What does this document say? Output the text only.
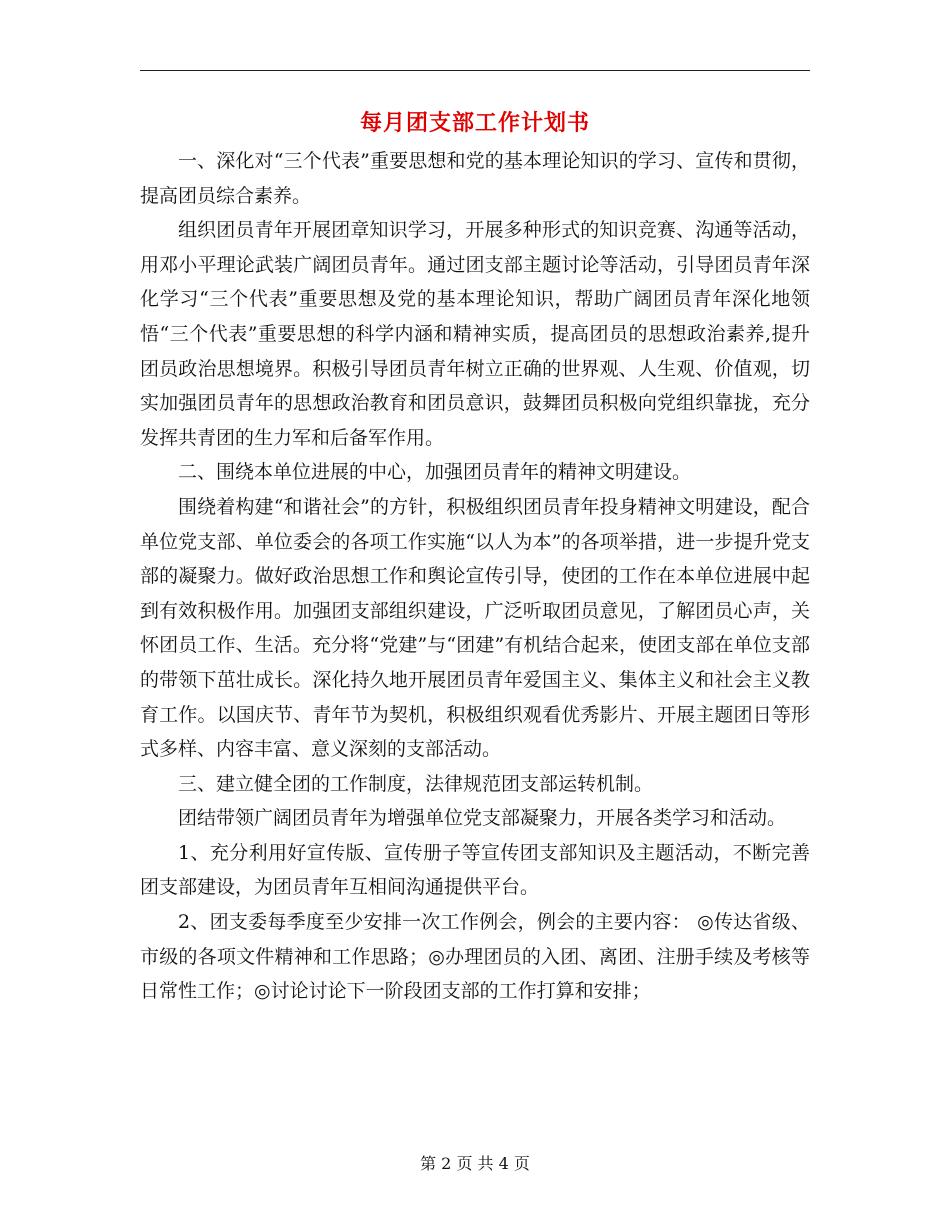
每月团支部工作计划书

一、深化对“三个代表”重要思想和党的基本理论知识的学习、宣传和贯彻，提高团员综合素养。

组织团员青年开展团章知识学习，开展多种形式的知识竞赛、沟通等活动，用邓小平理论武装广阔团员青年。通过团支部主题讨论等活动，引导团员青年深化学习“三个代表”重要思想及党的基本理论知识，帮助广阔团员青年深化地领悟“三个代表”重要思想的科学内涵和精神实质，提高团员的思想政治素养,提升团员政治思想境界。积极引导团员青年树立正确的世界观、人生观、价值观，切实加强团员青年的思想政治教育和团员意识，鼓舞团员积极向党组织靠拢，充分发挥共青团的生力军和后备军作用。

二、围绕本单位进展的中心，加强团员青年的精神文明建设。

围绕着构建“和谐社会”的方针，积极组织团员青年投身精神文明建设，配合单位党支部、单位委会的各项工作实施“以人为本”的各项举措，进一步提升党支部的凝聚力。做好政治思想工作和舆论宣传引导，使团的工作在本单位进展中起到有效积极作用。加强团支部组织建设，广泛听取团员意见，了解团员心声，关怀团员工作、生活。充分将“党建”与“团建”有机结合起来，使团支部在单位支部的带领下茁壮成长。深化持久地开展团员青年爱国主义、集体主义和社会主义教育工作。以国庆节、青年节为契机，积极组织观看优秀影片、开展主题团日等形式多样、内容丰富、意义深刻的支部活动。

三、建立健全团的工作制度，法律规范团支部运转机制。

团结带领广阔团员青年为增强单位党支部凝聚力，开展各类学习和活动。

1、充分利用好宣传版、宣传册子等宣传团支部知识及主题活动，不断完善团支部建设，为团员青年互相间沟通提供平台。

2、团支委每季度至少安排一次工作例会，例会的主要内容： ◎传达省级、市级的各项文件精神和工作思路；◎办理团员的入团、离团、注册手续及考核等日常性工作；◎讨论讨论下一阶段团支部的工作打算和安排；

第 2 页 共 4 页
